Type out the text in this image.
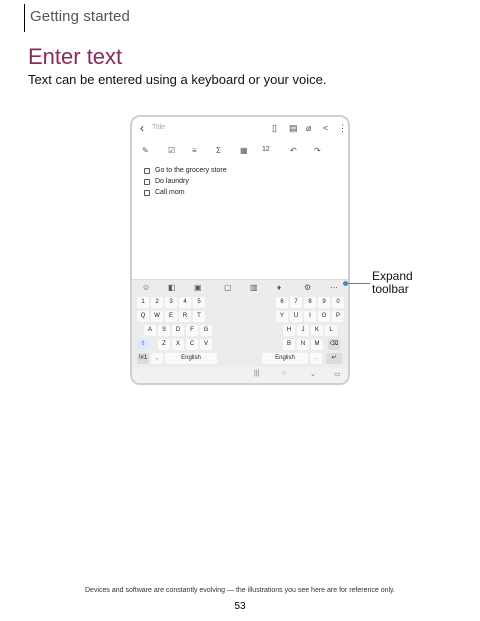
Getting started
Enter text
Text can be entered using a keyboard or your voice.
‹ Title	▯ ▤ ⌀ < ⋮
✎ ☑ ≡ Σ ▦ 12	↶ ↷
Go to the grocery store
Do laundry
Call mom
☺ ◧ ▣	▢ ▥ ♦	⚙ ⋯
1	2	3	4	5	6	7	8	9	0
Q	W	E	R	T	Y	U	I	O	P
A	S	D	F	G	H	J	K	L
⇧	Z	X	C	V	B	N	M	⌫
!#1	,	English	English	.	↵
|||	○	⌄	▭
Expand
toolbar
Devices and software are constantly evolving — the illustrations you see here are for reference only.
53
